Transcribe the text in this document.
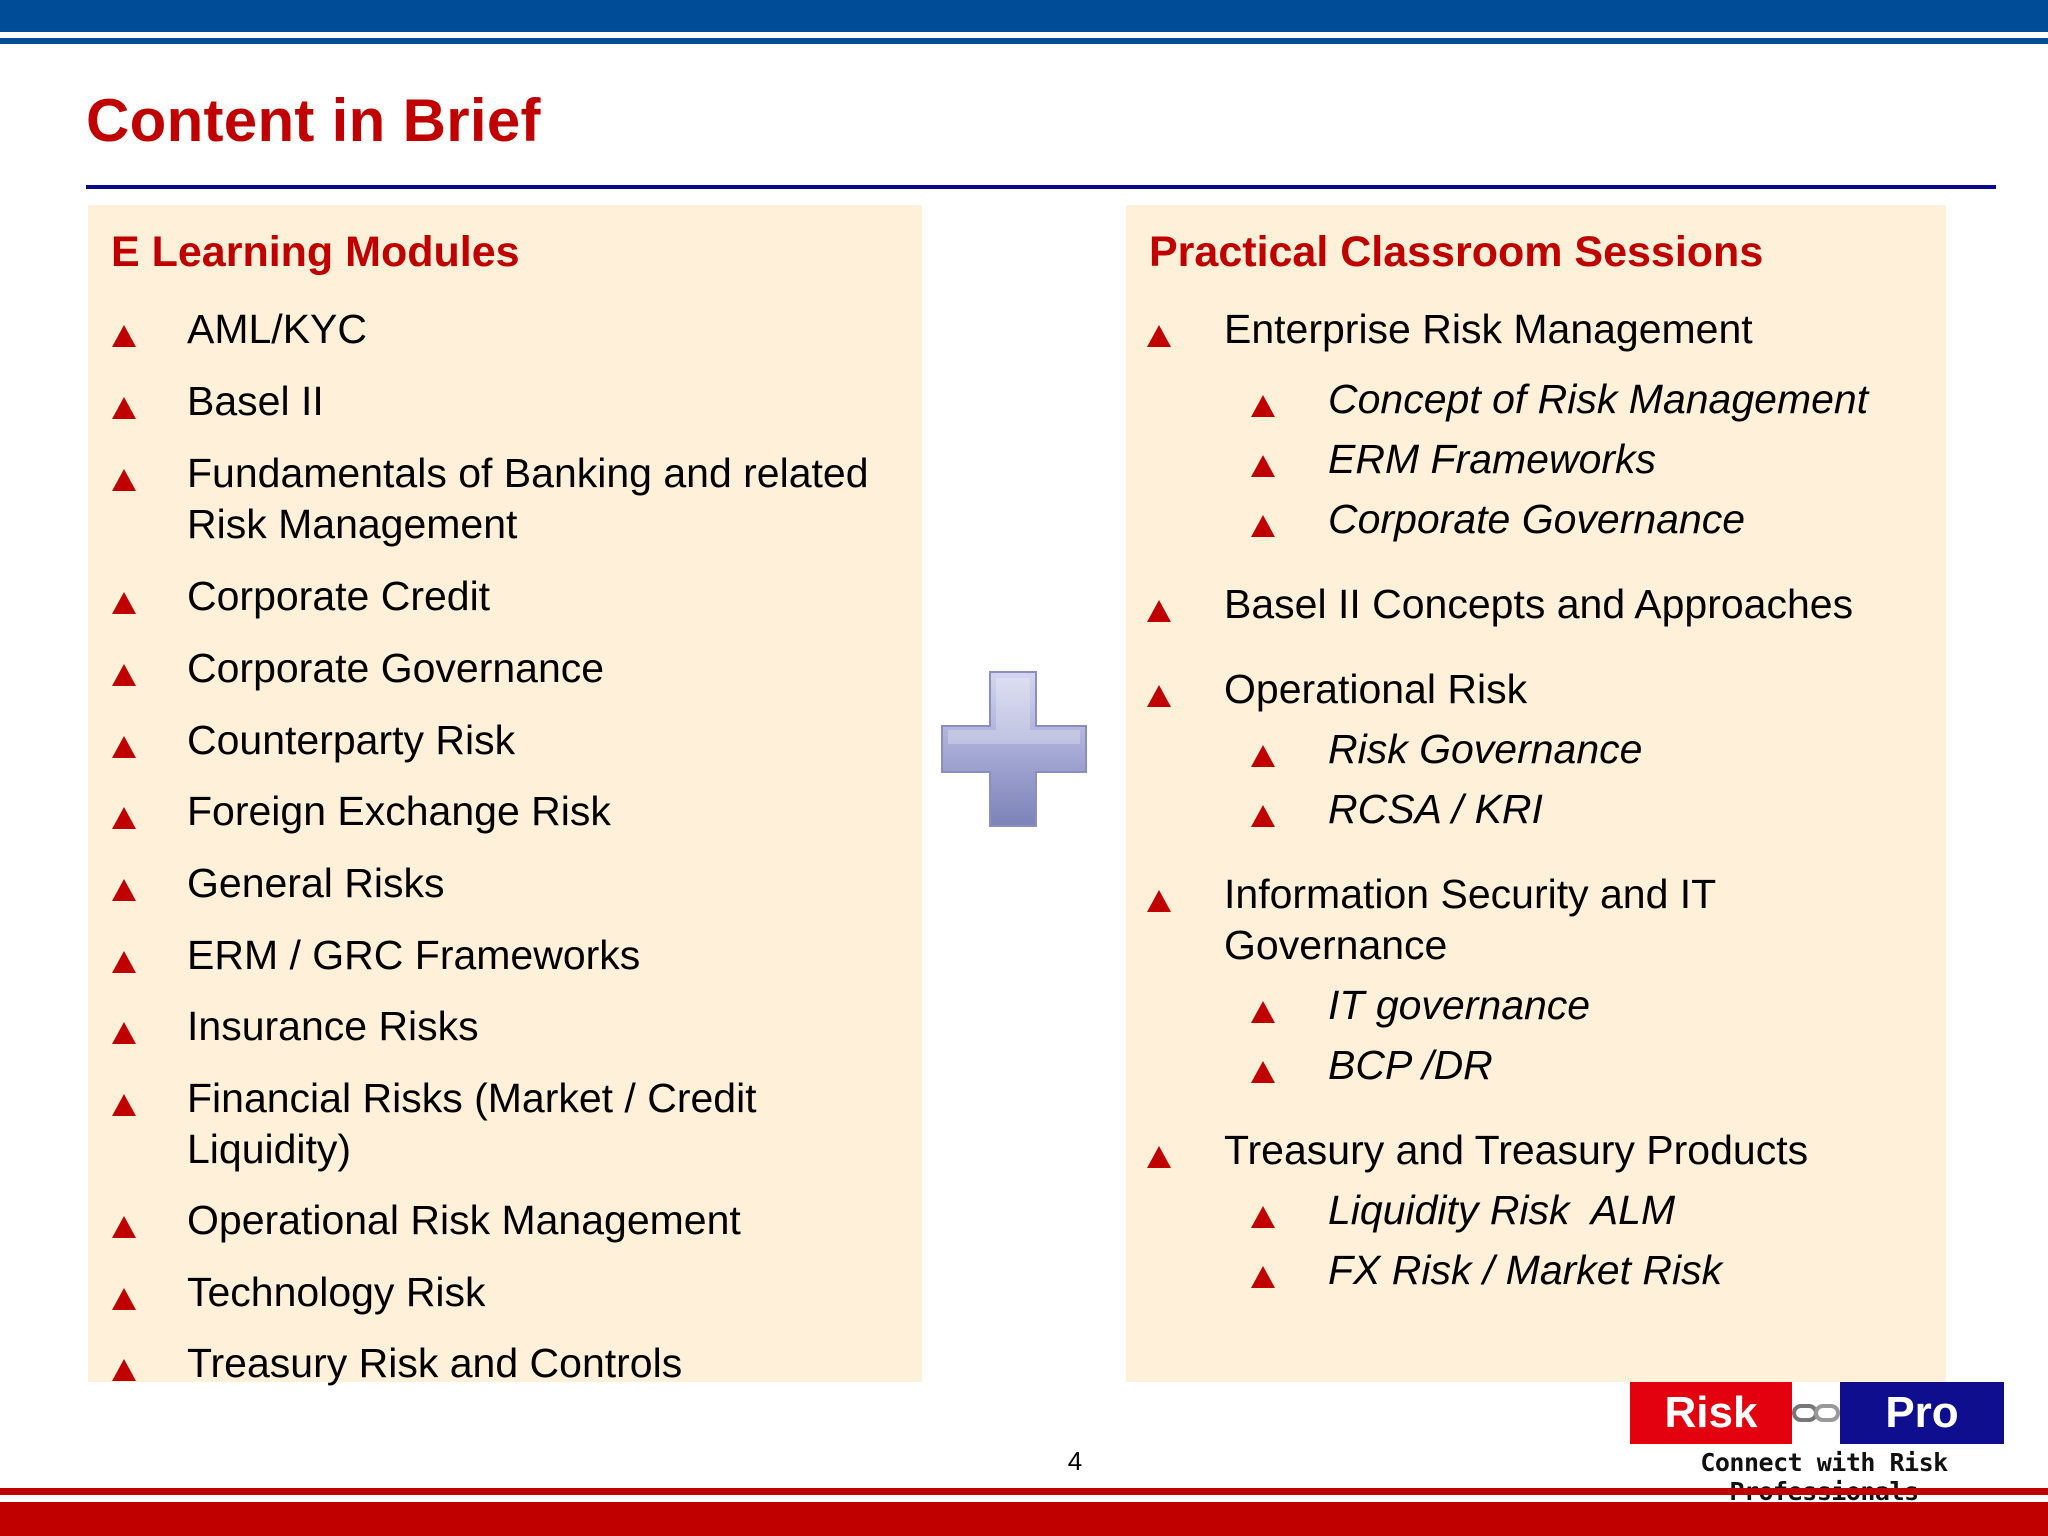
Content in Brief
E Learning Modules
AML/KYC
Basel II
Fundamentals of Banking and related
Risk Management
Corporate Credit
Corporate Governance
Counterparty Risk
Foreign Exchange Risk
General Risks
ERM / GRC Frameworks
Insurance Risks
Financial Risks (Market / Credit
Liquidity)
Operational Risk Management
Technology Risk
Treasury Risk and Controls
Practical Classroom Sessions
Enterprise Risk Management
Concept of Risk Management
ERM Frameworks
Corporate Governance
Basel II Concepts and Approaches
Operational Risk
Risk Governance
RCSA / KRI
Information Security and IT
Governance
IT governance
BCP /DR
Treasury and Treasury Products
Liquidity Risk  ALM
FX Risk / Market Risk
4
Risk	Pro
Connect with Risk
